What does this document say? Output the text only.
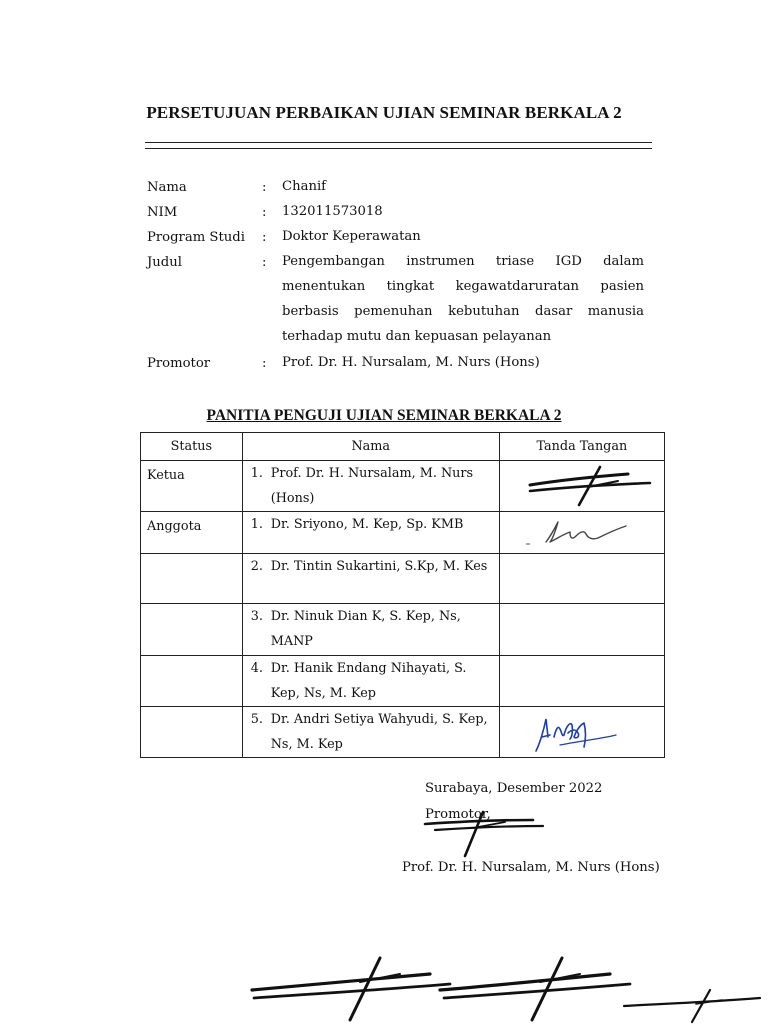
PERSETUJUAN PERBAIKAN UJIAN SEMINAR BERKALA 2
Nama	: Chanif
NIM	: 132011573018
Program Studi : Doktor Keperawatan
Judul	: Pengembangan instrumen triase IGD dalam menentukan tingkat kegawatdaruratan pasien berbasis pemenuhan kebutuhan dasar manusia terhadap mutu dan kepuasan pelayanan
Promotor	: Prof. Dr. H. Nursalam, M. Nurs (Hons)
PANITIA PENGUJI UJIAN SEMINAR BERKALA 2
Status	Nama	Tanda Tangan

Ketua	1. Prof. Dr. H. Nursalam, M. Nurs (Hons)

Anggota	1. Dr. Sriyono, M. Kep, Sp. KMB

	2. Dr. Tintin Sukartini, S.Kp, M. Kes	

	3. Dr. Ninuk Dian K, S. Kep, Ns, MANP	

	4. Dr. Hanik Endang Nihayati, S. Kep, Ns, M. Kep	

	5. Dr. Andri Setiya Wahyudi, S. Kep, Ns, M. Kep

Surabaya, Desember 2022
Promotor,
Prof. Dr. H. Nursalam, M. Nurs (Hons)
